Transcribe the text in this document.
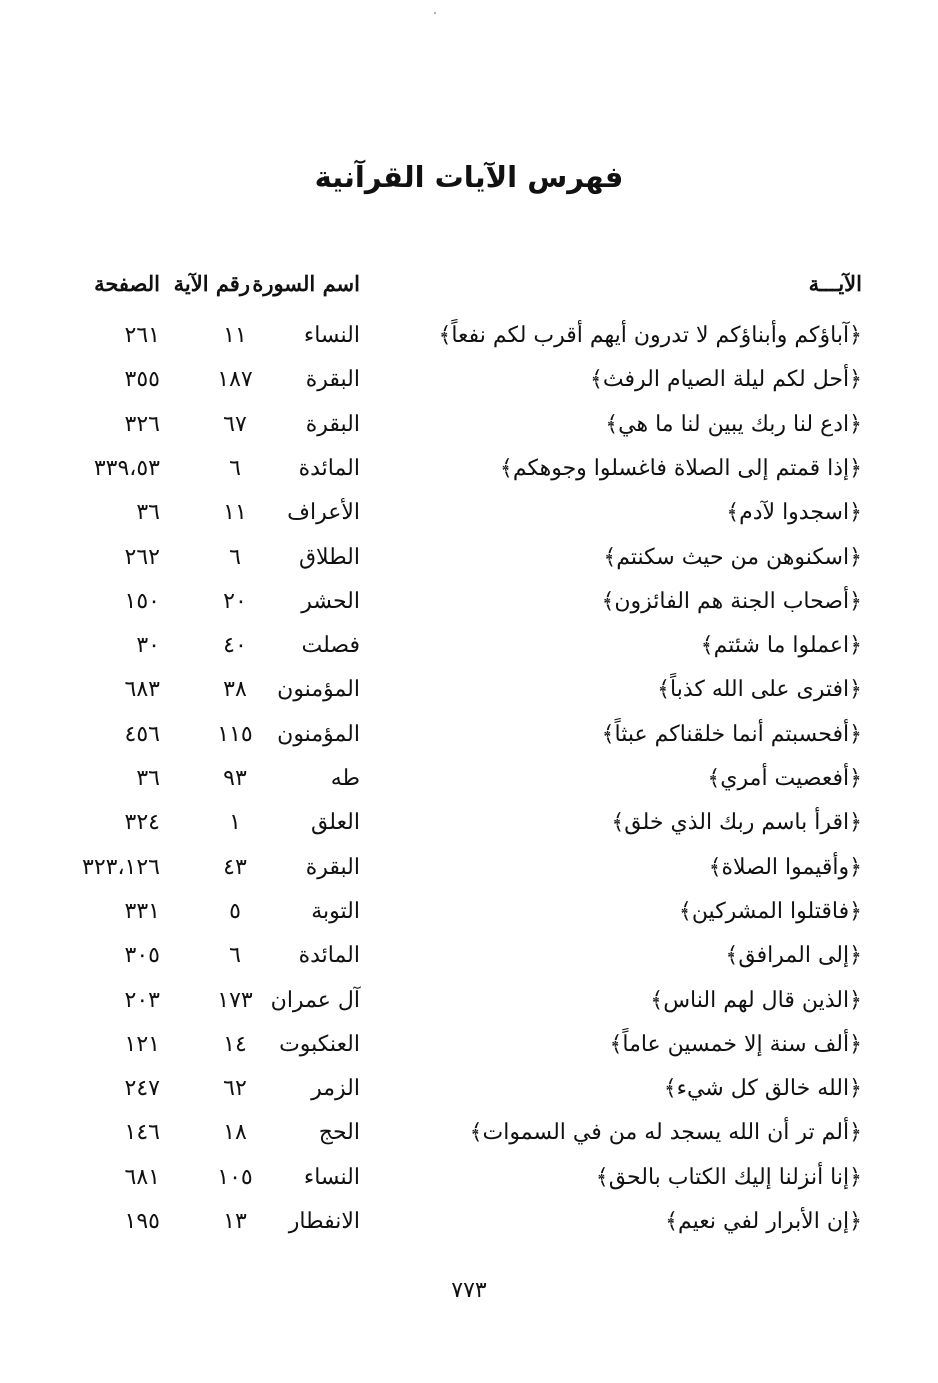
فهرس الآيات القرآنية
الآيـــة
اسم السورة
رقم الآية
الصفحة
﴿آباؤكم وأبناؤكم لا تدرون أيهم أقرب لكم نفعاً﴾
النساء
١١
٢٦١
﴿أحل لكم ليلة الصيام الرفث﴾
البقرة
١٨٧
٣٥٥
﴿ادع لنا ربك يبين لنا ما هي﴾
البقرة
٦٧
٣٢٦
﴿إذا قمتم إلى الصلاة فاغسلوا وجوهكم﴾
المائدة
٦
٣٣٩،٥٣
﴿اسجدوا لآدم﴾
الأعراف
١١
٣٦
﴿اسكنوهن من حيث سكنتم﴾
الطلاق
٦
٢٦٢
﴿أصحاب الجنة هم الفائزون﴾
الحشر
٢٠
١٥٠
﴿اعملوا ما شئتم﴾
فصلت
٤٠
٣٠
﴿افترى على الله كذباً﴾
المؤمنون
٣٨
٦٨٣
﴿أفحسبتم أنما خلقناكم عبثاً﴾
المؤمنون
١١٥
٤٥٦
﴿أفعصيت أمري﴾
طه
٩٣
٣٦
﴿اقرأ باسم ربك الذي خلق﴾
العلق
١
٣٢٤
﴿وأقيموا الصلاة﴾
البقرة
٤٣
٣٢٣،١٢٦
﴿فاقتلوا المشركين﴾
التوبة
٥
٣٣١
﴿إلى المرافق﴾
المائدة
٦
٣٠٥
﴿الذين قال لهم الناس﴾
آل عمران
١٧٣
٢٠٣
﴿ألف سنة إلا خمسين عاماً﴾
العنكبوت
١٤
١٢١
﴿الله خالق كل شيء﴾
الزمر
٦٢
٢٤٧
﴿ألم تر أن الله يسجد له من في السموات﴾
الحج
١٨
١٤٦
﴿إنا أنزلنا إليك الكتاب بالحق﴾
النساء
١٠٥
٦٨١
﴿إن الأبرار لفي نعيم﴾
الانفطار
١٣
١٩٥
٧٧٣
